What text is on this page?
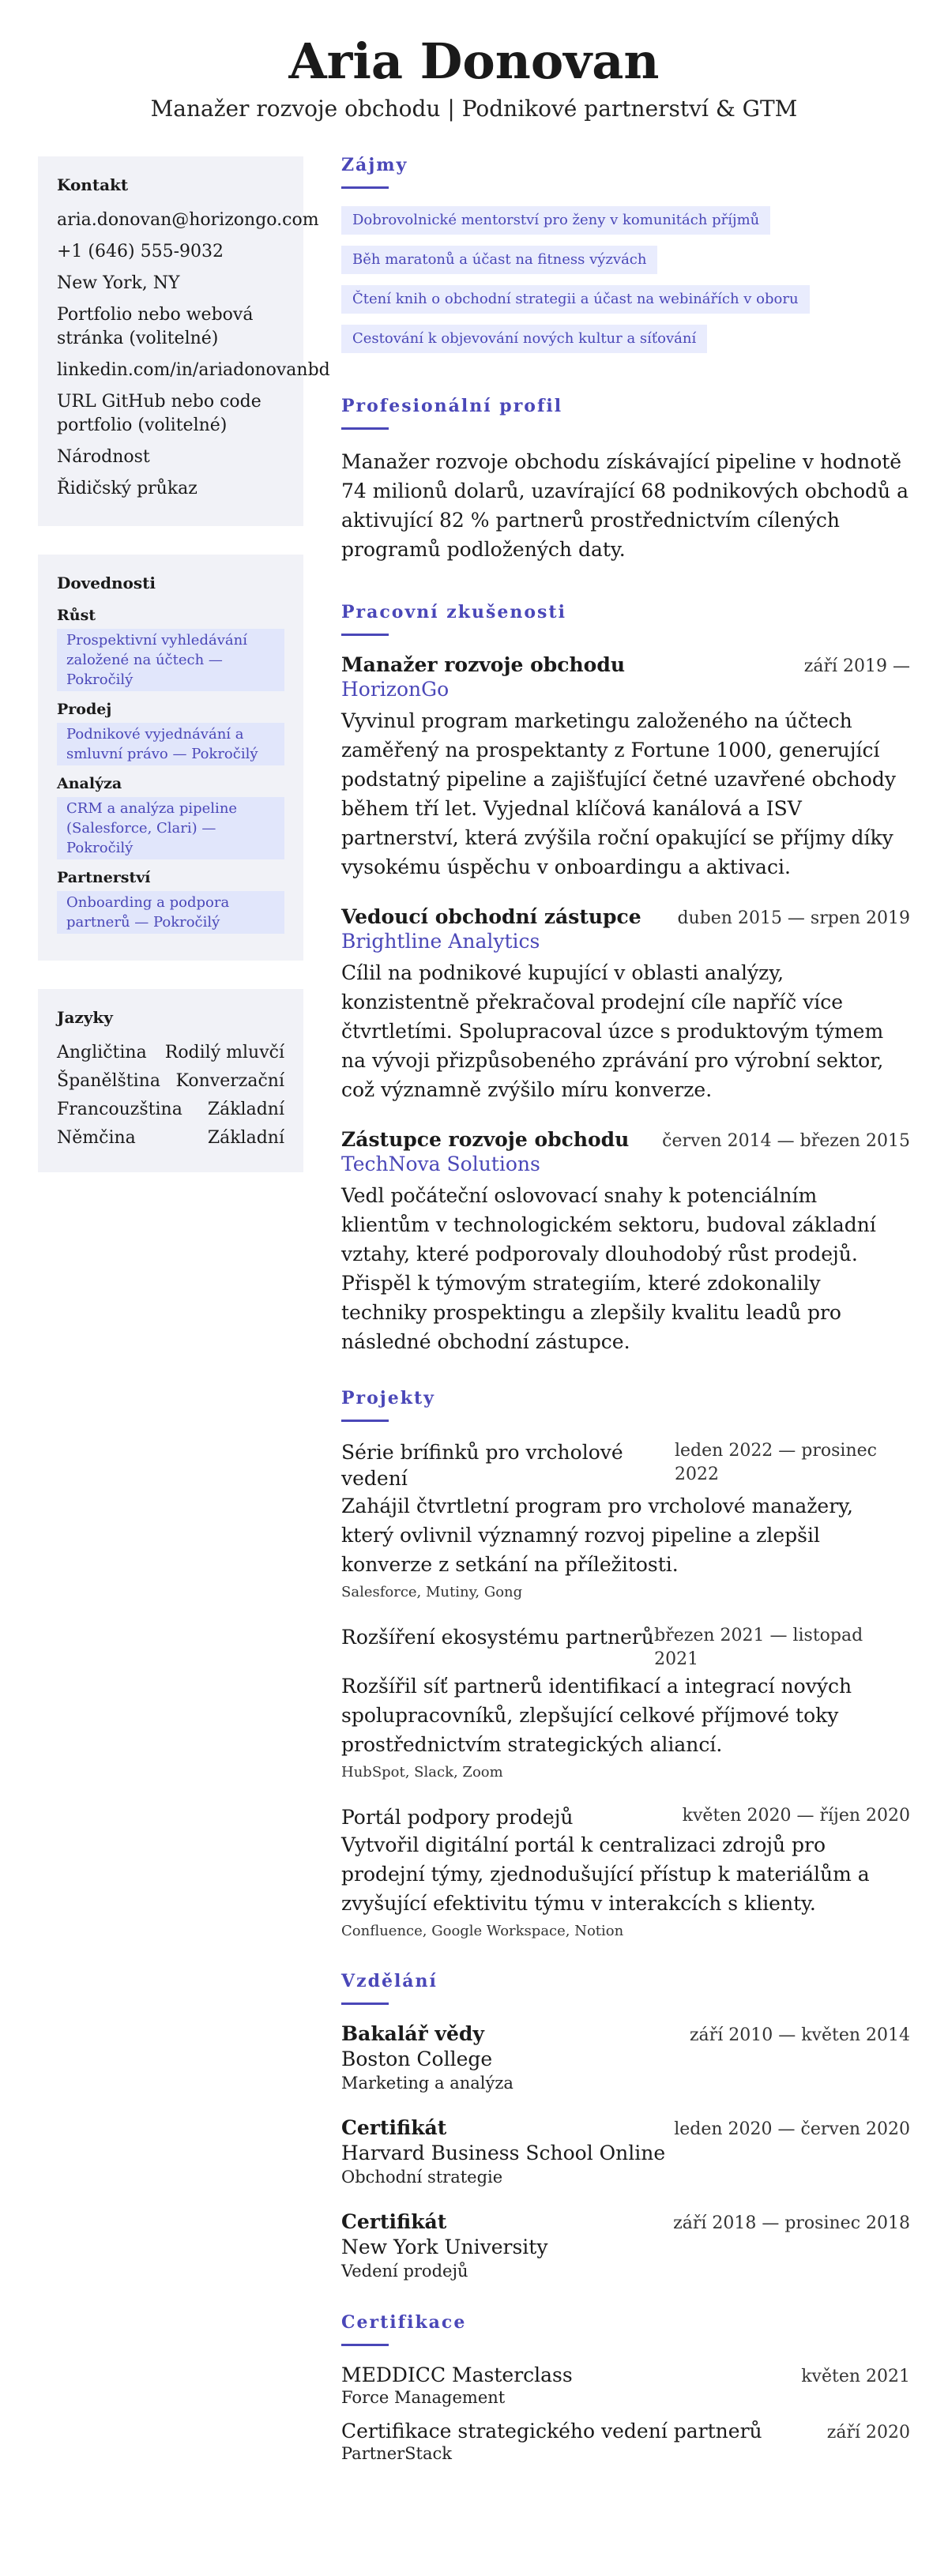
Aria Donovan
Manažer rozvoje obchodu | Podnikové partnerství & GTM
Kontakt
aria.donovan@horizongo.com
+1 (646) 555-9032
New York, NY
Portfolio nebo webová stránka (volitelné)
linkedin.com/in/ariadonovanbd
URL GitHub nebo code portfolio (volitelné)
Národnost
Řidičský průkaz
Dovednosti
Růst
Prospektivní vyhledávání založené na účtech — Pokročilý
Prodej
Podnikové vyjednávání a smluvní právo — Pokročilý
Analýza
CRM a analýza pipeline (Salesforce, Clari) — Pokročilý
Partnerství
Onboarding a podpora partnerů — Pokročilý
Jazyky
Angličtina Rodilý mluvčí
Španělština Konverzační
Francouzština Základní
Němčina	Základní
Zájmy
Dobrovolnické mentorství pro ženy v komunitách příjmů
Běh maratonů a účast na fitness výzvách
Čtení knih o obchodní strategii a účast na webinářích v oboru
Cestování k objevování nových kultur a síťování
Profesionální profil

Manažer rozvoje obchodu získávající pipeline v hodnotě 74 milionů dolarů, uzavírající 68 podnikových obchodů a aktivující 82 % partnerů prostřednictvím cílených programů podložených daty.

Pracovní zkušenosti
Manažer rozvoje obchodu	září 2019 —
HorizonGo
Vyvinul program marketingu založeného na účtech zaměřený na prospektanty z Fortune 1000, generující podstatný pipeline a zajišťující četné uzavřené obchody během tří let. Vyjednal klíčová kanálová a ISV partnerství, která zvýšila roční opakující se příjmy díky vysokému úspěchu v onboardingu a aktivaci.
Vedoucí obchodní zástupce duben 2015 — srpen 2019
Brightline Analytics
Cílil na podnikové kupující v oblasti analýzy, konzistentně překračoval prodejní cíle napříč více čtvrtletími. Spolupracoval úzce s produktovým týmem na vývoji přizpůsobeného zprávání pro výrobní sektor, což významně zvýšilo míru konverze.
Zástupce rozvoje obchodu červen 2014 — březen 2015
TechNova Solutions
Vedl počáteční oslovovací snahy k potenciálním klientům v technologickém sektoru, budoval základní vztahy, které podporovaly dlouhodobý růst prodejů. Přispěl k týmovým strategiím, které zdokonalily techniky prospektingu a zlepšily kvalitu leadů pro následné obchodní zástupce.
Projekty
Série brífinků pro vrcholové vedení
leden 2022 — prosinec 2022
Zahájil čtvrtletní program pro vrcholové manažery, který ovlivnil významný rozvoj pipeline a zlepšil konverze z setkání na příležitosti.
Salesforce, Mutiny, Gong
Rozšíření ekosystému partnerů březen 2021 — listopad 2021
Rozšířil síť partnerů identifikací a integrací nových spolupracovníků, zlepšující celkové příjmové toky prostřednictvím strategických aliancí.
HubSpot, Slack, Zoom
Portál podpory prodejů	květen 2020 — říjen 2020
Vytvořil digitální portál k centralizaci zdrojů pro prodejní týmy, zjednodušující přístup k materiálům a zvyšující efektivitu týmu v interakcích s klienty.
Confluence, Google Workspace, Notion
Vzdělání
Bakalář vědy	září 2010 — květen 2014
Boston College
Marketing a analýza
Certifikát	leden 2020 — červen 2020
Harvard Business School Online
Obchodní strategie
Certifikát	září 2018 — prosinec 2018
New York University
Vedení prodejů
Certifikace
MEDDICC Masterclass	květen 2021
Force Management
Certifikace strategického vedení partnerů	září 2020
PartnerStack
